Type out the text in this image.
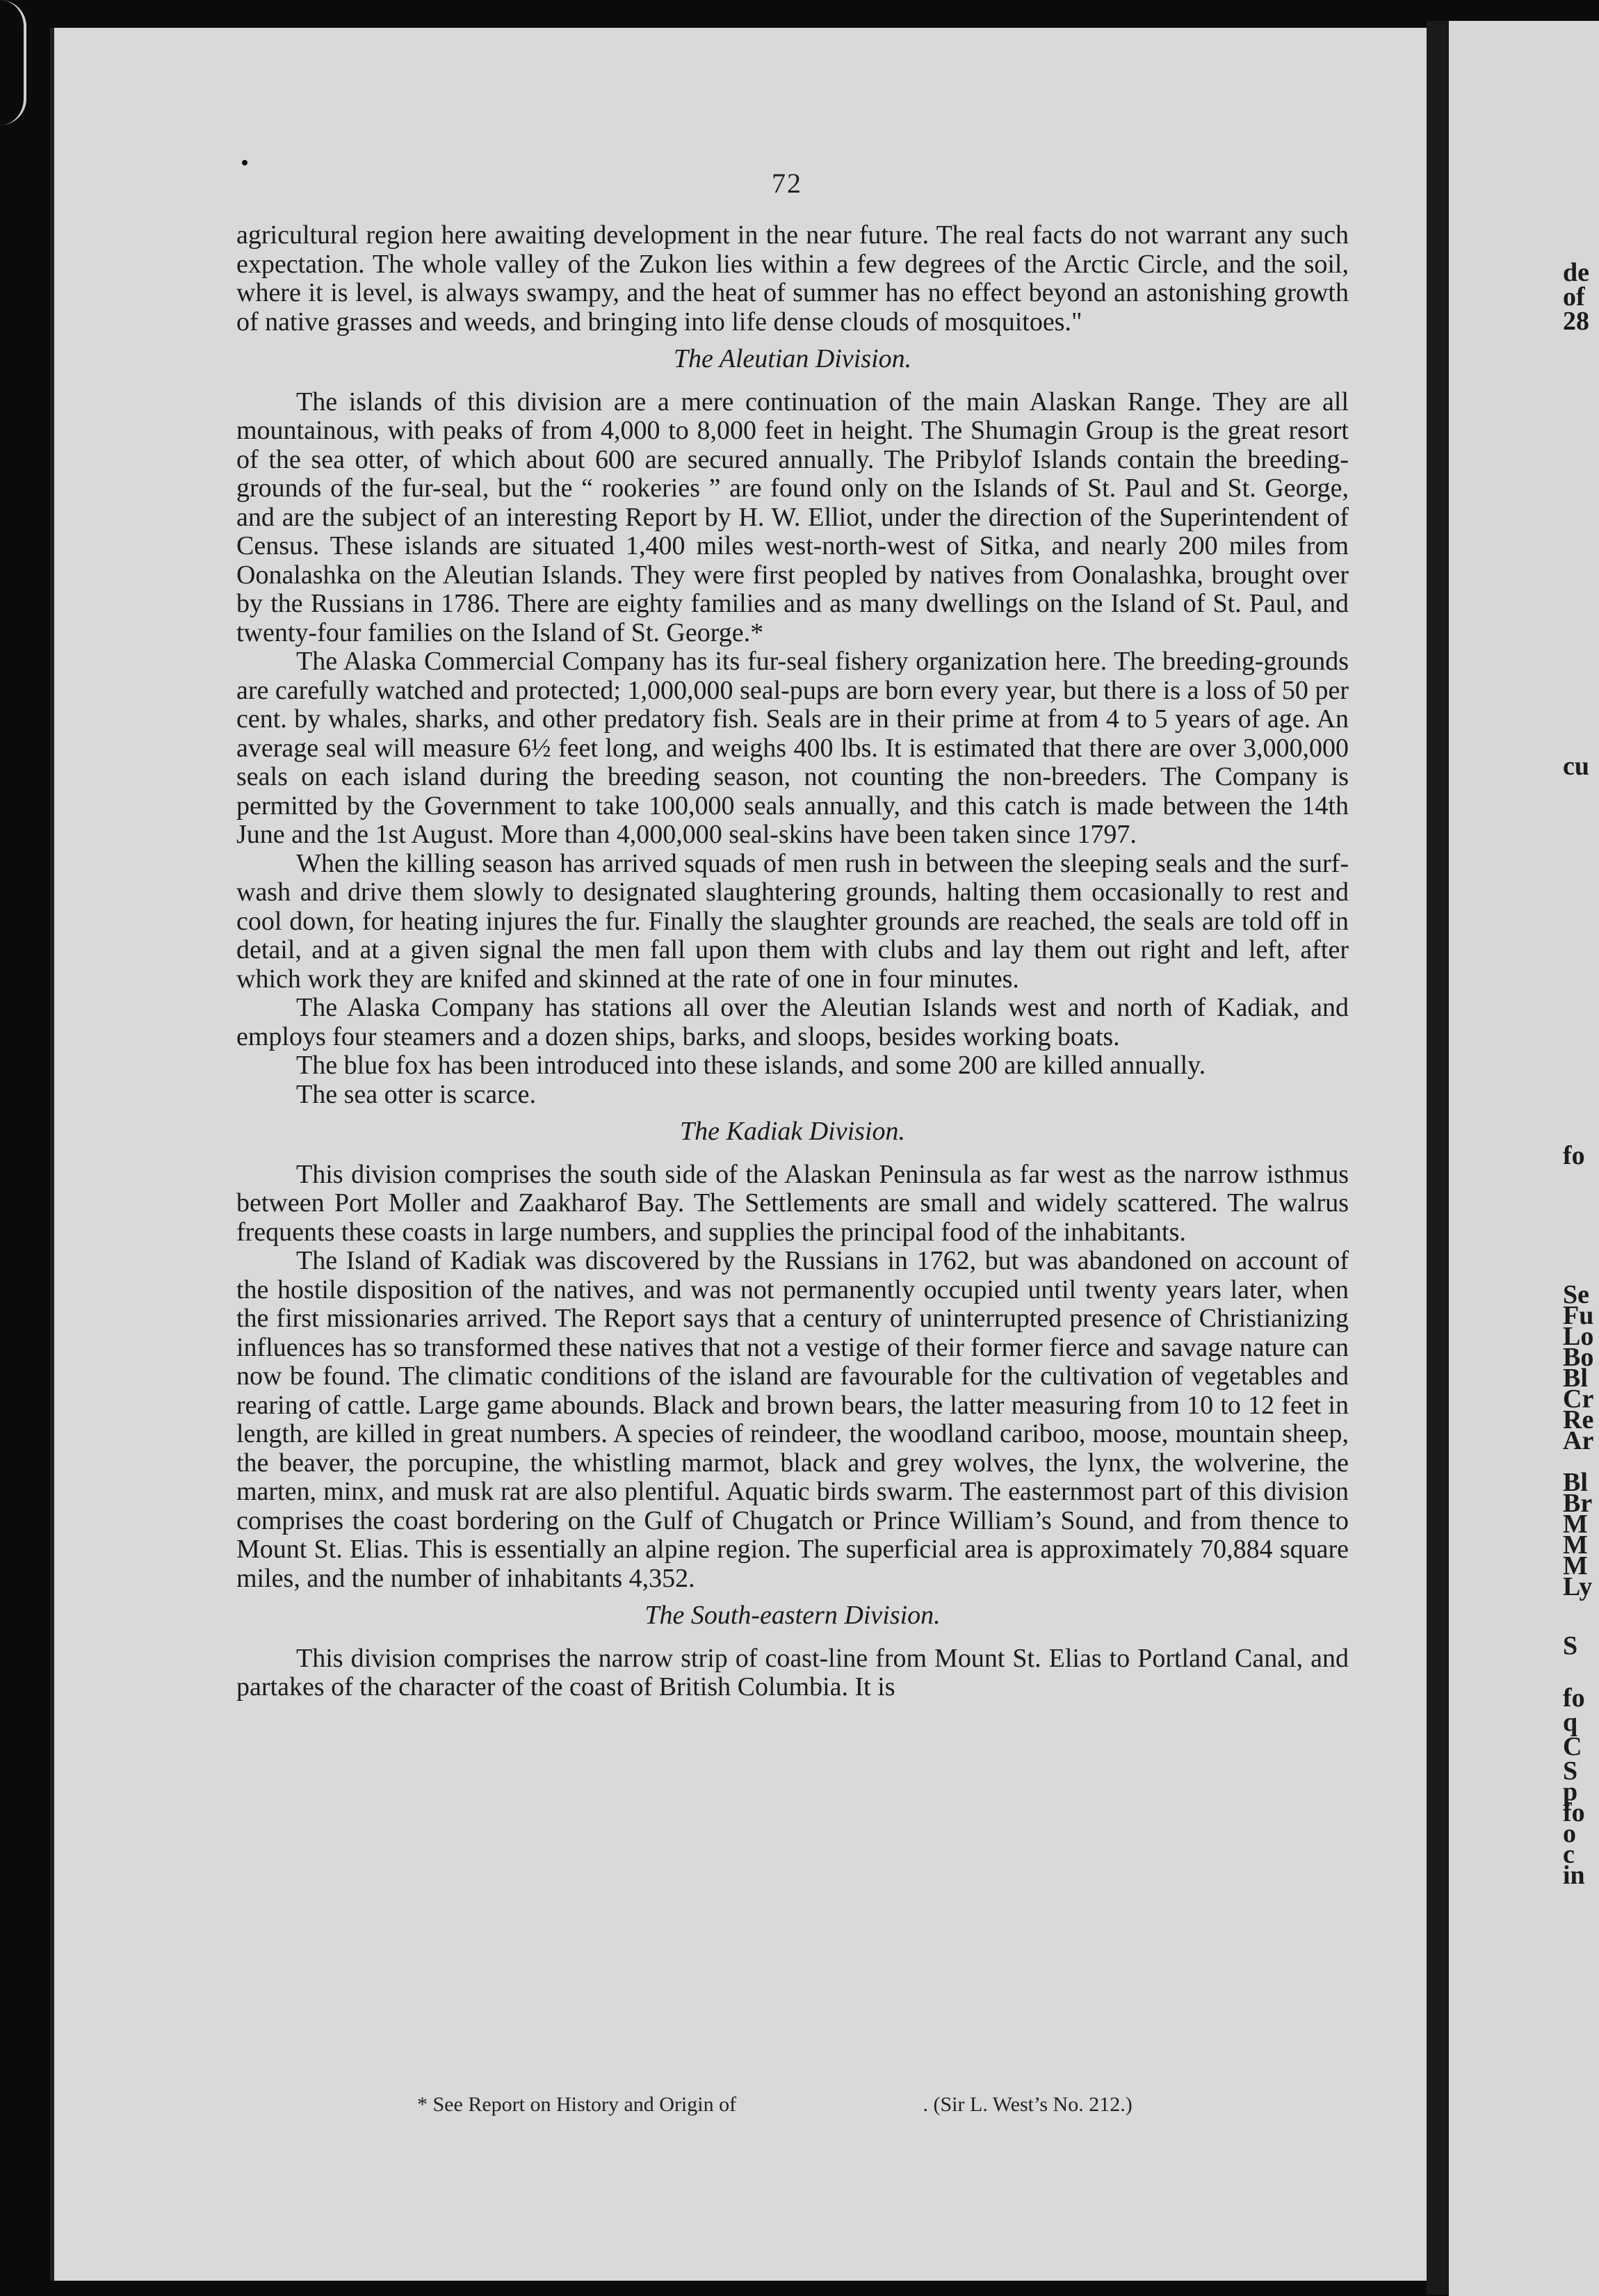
de
of
28
cu
fo
Se
Fu
Lo
Bo
Bl
Cr
Re
Ar
Bl
Br
M
M
M
Ly
S
fo
q
C
S
p
fo
o
c
in
72

agricultural region here awaiting development in the near future. The real facts do not warrant any such expectation. The whole valley of the Zukon lies within a few degrees of the Arctic Circle, and the soil, where it is level, is always swampy, and the heat of summer has no effect beyond an astonishing growth of native grasses and weeds, and bringing into life dense clouds of mosquitoes."

The Aleutian Division.

The islands of this division are a mere continuation of the main Alaskan Range. They are all mountainous, with peaks of from 4,000 to 8,000 feet in height. The Shumagin Group is the great resort of the sea otter, of which about 600 are secured annually. The Pribylof Islands contain the breeding-grounds of the fur-seal, but the “ rookeries ” are found only on the Islands of St. Paul and St. George, and are the subject of an interesting Report by H. W. Elliot, under the direction of the Superintendent of Census. These islands are situated 1,400 miles west-north-west of Sitka, and nearly 200 miles from Oonalashka on the Aleutian Islands. They were first peopled by natives from Oonalashka, brought over by the Russians in 1786. There are eighty families and as many dwellings on the Island of St. Paul, and twenty-four families on the Island of St. George.*

The Alaska Commercial Company has its fur-seal fishery organization here. The breeding-grounds are carefully watched and protected; 1,000,000 seal-pups are born every year, but there is a loss of 50 per cent. by whales, sharks, and other predatory fish. Seals are in their prime at from 4 to 5 years of age. An average seal will measure 6½ feet long, and weighs 400 lbs. It is estimated that there are over 3,000,000 seals on each island during the breeding season, not counting the non-breeders. The Company is permitted by the Government to take 100,000 seals annually, and this catch is made between the 14th June and the 1st August. More than 4,000,000 seal-skins have been taken since 1797.

When the killing season has arrived squads of men rush in between the sleeping seals and the surf-wash and drive them slowly to designated slaughtering grounds, halting them occasionally to rest and cool down, for heating injures the fur. Finally the slaughter grounds are reached, the seals are told off in detail, and at a given signal the men fall upon them with clubs and lay them out right and left, after which work they are knifed and skinned at the rate of one in four minutes.

The Alaska Company has stations all over the Aleutian Islands west and north of Kadiak, and employs four steamers and a dozen ships, barks, and sloops, besides working boats.

The blue fox has been introduced into these islands, and some 200 are killed annually.

The sea otter is scarce.

The Kadiak Division.

This division comprises the south side of the Alaskan Peninsula as far west as the narrow isthmus between Port Moller and Zaakharof Bay. The Settlements are small and widely scattered. The walrus frequents these coasts in large numbers, and supplies the principal food of the inhabitants.

The Island of Kadiak was discovered by the Russians in 1762, but was abandoned on account of the hostile disposition of the natives, and was not permanently occupied until twenty years later, when the first missionaries arrived. The Report says that a century of uninterrupted presence of Christianizing influences has so transformed these natives that not a vestige of their former fierce and savage nature can now be found. The climatic conditions of the island are favourable for the cultivation of vegetables and rearing of cattle. Large game abounds. Black and brown bears, the latter measuring from 10 to 12 feet in length, are killed in great numbers. A species of reindeer, the woodland cariboo, moose, mountain sheep, the beaver, the porcupine, the whistling marmot, black and grey wolves, the lynx, the wolverine, the marten, minx, and musk rat are also plentiful. Aquatic birds swarm. The easternmost part of this division comprises the coast bordering on the Gulf of Chugatch or Prince William’s Sound, and from thence to Mount St. Elias. This is essentially an alpine region. The superficial area is approximately 70,884 square miles, and the number of inhabitants 4,352.

The South-eastern Division.

This division comprises the narrow strip of coast-line from Mount St. Elias to Portland Canal, and partakes of the character of the coast of British Columbia. It is

* See Report on History and Origin of	. (Sir L. West’s No. 212.)
